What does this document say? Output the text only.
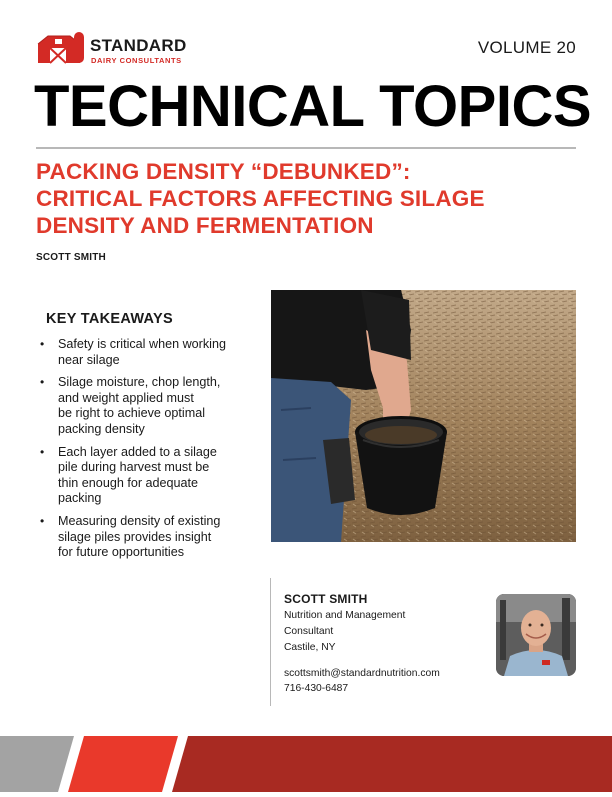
STANDARD
DAIRY CONSULTANTS
VOLUME 20
TECHNICAL TOPICS
PACKING DENSITY “DEBUNKED”:
CRITICAL FACTORS AFFECTING SILAGE
DENSITY AND FERMENTATION
SCOTT SMITH
KEY TAKEAWAYS
• Safety is critical when working
near silage
• Silage moisture, chop length,
and weight applied must
be right to achieve optimal
packing density
• Each layer added to a silage
pile during harvest must be
thin enough for adequate
packing
• Measuring density of existing
silage piles provides insight
for future opportunities
SCOTT SMITH
Nutrition and Management
Consultant
Castile, NY
scottsmith@standardnutrition.com
716-430-6487
